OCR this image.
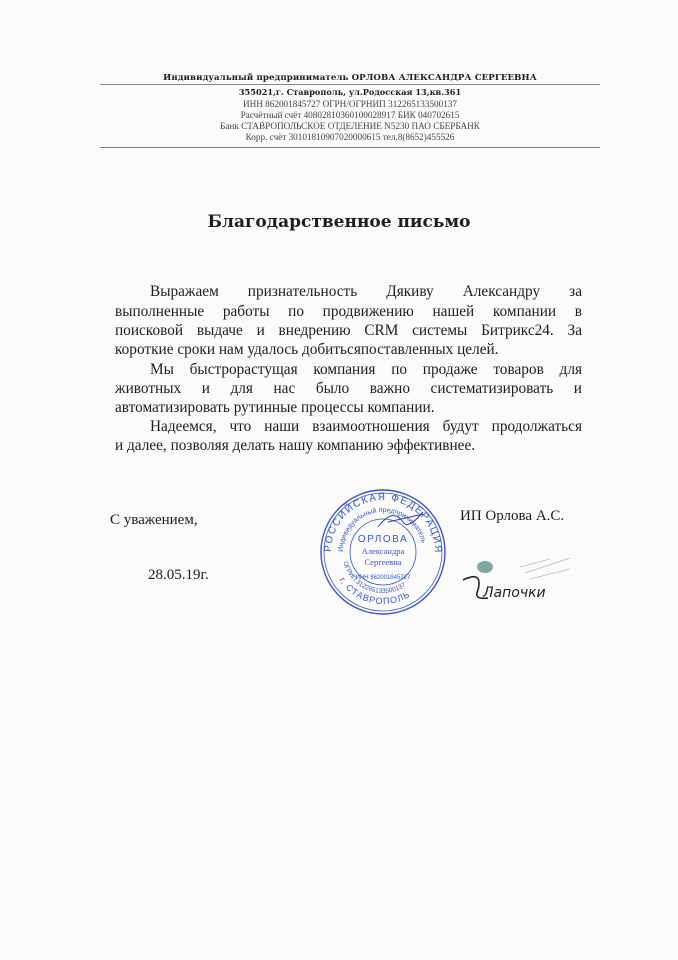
Индивидуальный предприниматель ОРЛОВА АЛЕКСАНДРА СЕРГЕЕВНА
355021,г. Ставрополь, ул.Родосская 13,кв.361
ИНН 862001845727 ОГРН/ОГРНИП 312265133500137
Расчётный счёт 40802810360100028917 БИК 040702615
Банк СТАВРОПОЛЬСКОЕ ОТДЕЛЕНИЕ N5230 ПАО СБЕРБАНК
Корр. счёт 30101810907020000615 тел.8(8652)455526
Благодарственное письмо
Выражаем признательность Дякиву Александру за
выполненные работы по продвижению нашей компании в
поисковой выдаче и внедрению CRM системы Битрикс24. За
короткие сроки нам удалось добитьсяпоставленных целей.
Мы быстрорастущая компания по продаже товаров для
животных и для нас было важно систематизировать и
автоматизировать рутинные процессы компании.
Надеемся, что наши взаимоотношения будут продолжаться
и далее, позволяя делать нашу компанию эффективнее.
С уважением,
28.05.19г.
ИП Орлова А.С.
РОССИЙСКАЯ ФЕДЕРАЦИЯ
Индивидуальный предприниматель
г. СТАВРОПОЛЬ
ОГРИП 312265133500137
ОРЛОВА
Александра
Сергеевна
ИНН 862001845727
Лапочки
